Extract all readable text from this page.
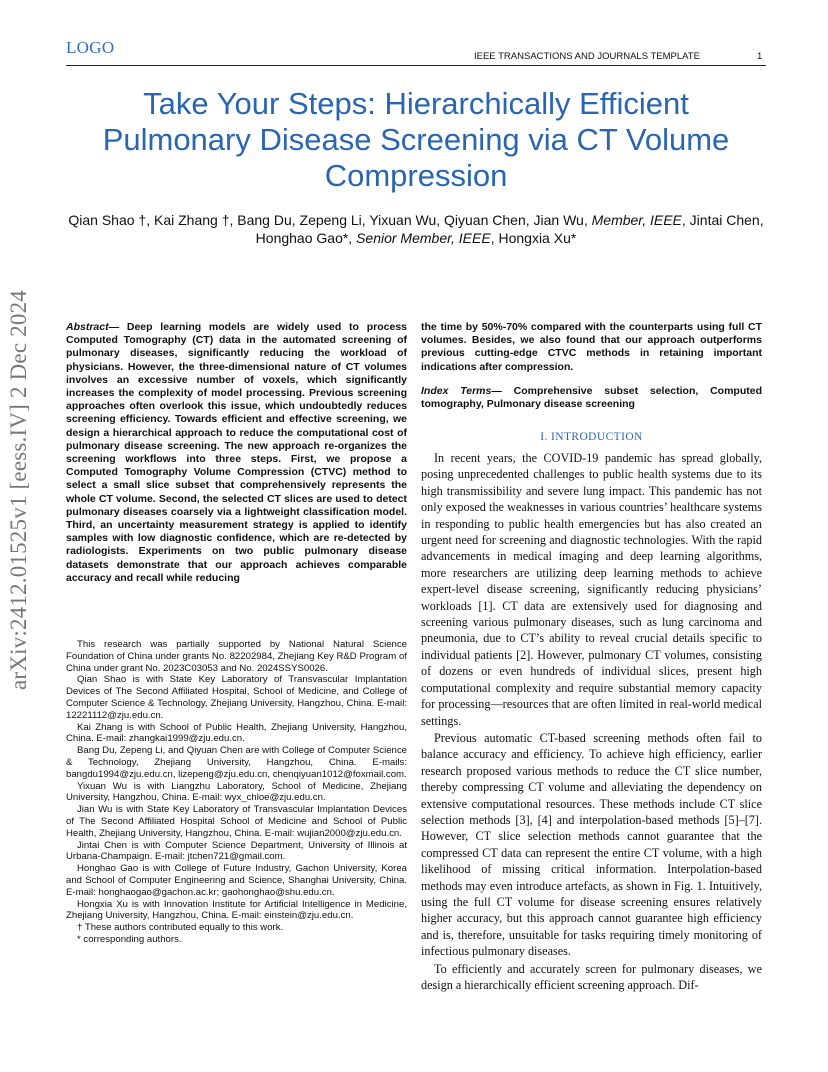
LOGO	IEEE TRANSACTIONS AND JOURNALS TEMPLATE	1
Take Your Steps: Hierarchically Efficient Pulmonary Disease Screening via CT Volume Compression
Qian Shao †, Kai Zhang †, Bang Du, Zepeng Li, Yixuan Wu, Qiyuan Chen, Jian Wu, Member, IEEE, Jintai Chen, Honghao Gao*, Senior Member, IEEE, Hongxia Xu*
arXiv:2412.01525v1 [eess.IV] 2 Dec 2024	Abstract— Deep learning models are widely used to process Computed Tomography (CT) data in the automated screening of pulmonary diseases, significantly reducing the workload of physicians. However, the three-dimensional nature of CT volumes involves an excessive number of voxels, which significantly increases the complexity of model processing. Previous screening approaches often overlook this issue, which undoubtedly reduces screening efficiency. Towards efficient and effective screening, we design a hierarchical approach to reduce the computational cost of pulmonary disease screening. The new approach re-organizes the screening workflows into three steps. First, we propose a Computed Tomography Volume Compression (CTVC) method to select a small slice subset that comprehensively represents the whole CT volume. Second, the selected CT slices are used to detect pulmonary diseases coarsely via a lightweight classification model. Third, an uncertainty measurement strategy is applied to identify samples with low diagnostic confidence, which are re-detected by radiologists. Experiments on two public pulmonary disease datasets demonstrate that our approach achieves comparable accuracy and recall while reducing
the time by 50%-70% compared with the counterparts using full CT volumes. Besides, we also found that our approach outperforms previous cutting-edge CTVC methods in retaining important indications after compression.
Index Terms— Comprehensive subset selection, Computed tomography, Pulmonary disease screening
I. INTRODUCTION

In recent years, the COVID-19 pandemic has spread globally, posing unprecedented challenges to public health systems due to its high transmissibility and severe lung impact. This pandemic has not only exposed the weaknesses in various countries’ healthcare systems in responding to public health emergencies but has also created an urgent need for screening and diagnostic technologies. With the rapid advancements in medical imaging and deep learning algorithms, more researchers are utilizing deep learning methods to achieve expert-level disease screening, significantly reducing physicians’ workloads [1]. CT data are extensively used for diagnosing and screening various pulmonary diseases, such as lung carcinoma and pneumonia, due to CT’s ability to reveal crucial details specific to individual patients [2]. However, pulmonary CT volumes, consisting of dozens or even hundreds of individual slices, present high computational complexity and require substantial memory capacity for processing—resources that are often limited in real-world medical settings.

Previous automatic CT-based screening methods often fail to balance accuracy and efficiency. To achieve high efficiency, earlier research proposed various methods to reduce the CT slice number, thereby compressing CT volume and alleviating the dependency on extensive computational resources. These methods include CT slice selection methods [3], [4] and interpolation-based methods [5]–[7]. However, CT slice selection methods cannot guarantee that the compressed CT data can represent the entire CT volume, with a high likelihood of missing critical information. Interpolation-based methods may even introduce artefacts, as shown in Fig. 1. Intuitively, using the full CT volume for disease screening ensures relatively higher accuracy, but this approach cannot guarantee high efficiency and is, therefore, unsuitable for tasks requiring timely monitoring of infectious pulmonary diseases.

To efficiently and accurately screen for pulmonary diseases, we design a hierarchically efficient screening approach. Dif-

This research was partially supported by National Natural Science Foundation of China under grants No. 82202984, Zhejiang Key R&D Program of China under grant No. 2023C03053 and No. 2024SSYS0026.

Qian Shao is with State Key Laboratory of Transvascular Implantation Devices of The Second Affiliated Hospital, School of Medicine, and College of Computer Science & Technology, Zhejiang University, Hangzhou, China. E-mail: 12221112@zju.edu.cn.

Kai Zhang is with School of Public Health, Zhejiang University, Hangzhou, China. E-mail: zhangkai1999@zju.edu.cn.

Bang Du, Zepeng Li, and Qiyuan Chen are with College of Computer Science & Technology, Zhejiang University, Hangzhou, China. E-mails: bangdu1994@zju.edu.cn, lizepeng@zju.edu.cn, chenqiyuan1012@foxmail.com.

Yixuan Wu is with Liangzhu Laboratory, School of Medicine, Zhejiang University, Hangzhou, China. E-mail: wyx_chloe@zju.edu.cn.

Jian Wu is with State Key Laboratory of Transvascular Implantation Devices of The Second Affiliated Hospital School of Medicine and School of Public Health, Zhejiang University, Hangzhou, China. E-mail: wujian2000@zju.edu.cn.

Jintai Chen is with Computer Science Department, University of Illinois at Urbana-Champaign. E-mail: jtchen721@gmail.com.

Honghao Gao is with College of Future Industry, Gachon University, Korea and School of Computer Engineering and Science, Shanghai University, China. E-mail: honghaogao@gachon.ac.kr; gaohonghao@shu.edu.cn.

Hongxia Xu is with Innovation Institute for Artificial Intelligence in Medicine, Zhejiang University, Hangzhou, China. E-mail: einstein@zju.edu.cn.

† These authors contributed equally to this work.

* corresponding authors.
